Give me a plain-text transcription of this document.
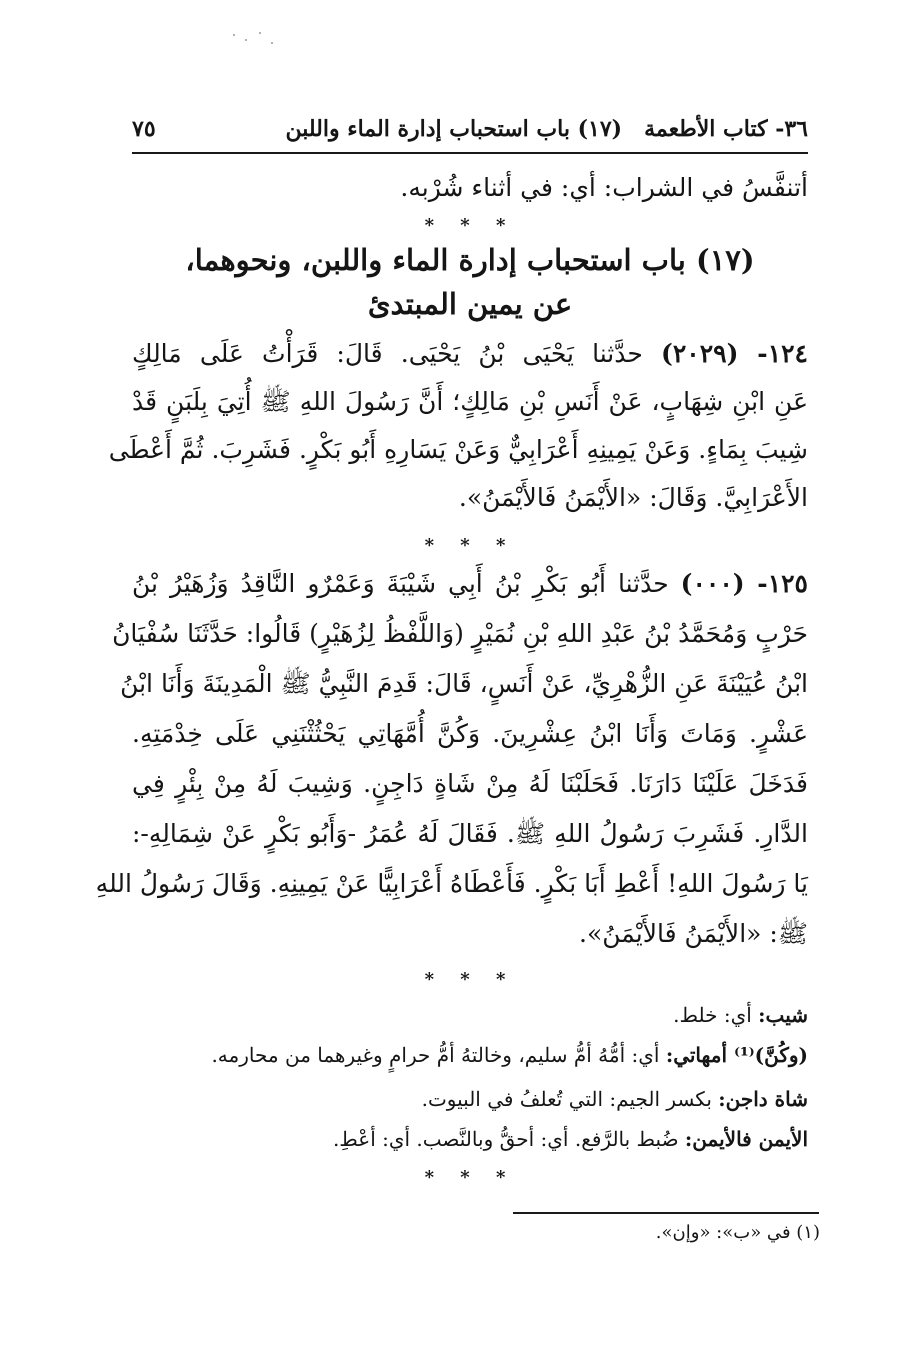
٧٥	٣٦- كتاب الأطعمة(١٧) باب استحباب إدارة الماء واللبن
أتنفَّسُ في الشراب: أي: في أثناء شُرْبه.
* * *
(١٧) باب استحباب إدارة الماء واللبن، ونحوهما،
عن يمين المبتدئ
١٢٤- (٢٠٢٩) حدَّثنا يَحْيَى بْنُ يَحْيَى. قَالَ: قَرَأْتُ عَلَى مَالِكٍ
عَنِ ابْنِ شِهَابٍ، عَنْ أَنَسِ بْنِ مَالِكٍ؛ أَنَّ رَسُولَ اللهِ ﷺ أُتِيَ بِلَبَنٍ قَدْ
شِيبَ بِمَاءٍ. وَعَنْ يَمِينِهِ أَعْرَابِيٌّ وَعَنْ يَسَارِهِ أَبُو بَكْرٍ. فَشَرِبَ. ثُمَّ أَعْطَى
الأَعْرَابِيَّ. وَقَالَ: «الأَيْمَنُ فَالأَيْمَنُ».
* * *
١٢٥- (٠٠٠) حدَّثنا أَبُو بَكْرِ بْنُ أَبِي شَيْبَةَ وَعَمْرٌو النَّاقِدُ وَزُهَيْرُ بْنُ
حَرْبٍ وَمُحَمَّدُ بْنُ عَبْدِ اللهِ بْنِ نُمَيْرٍ (وَاللَّفْظُ لِزُهَيْرٍ) قَالُوا: حَدَّثَنَا سُفْيَانُ
ابْنُ عُيَيْنَةَ عَنِ الزُّهْرِيِّ، عَنْ أَنَسٍ، قَالَ: قَدِمَ النَّبِيُّ ﷺ الْمَدِينَةَ وَأَنَا ابْنُ
عَشْرٍ. وَمَاتَ وَأَنَا ابْنُ عِشْرِينَ. وَكُنَّ أُمَّهَاتِي يَحْثُثْنَنِي عَلَى خِدْمَتِهِ.
فَدَخَلَ عَلَيْنَا دَارَنَا. فَحَلَبْنَا لَهُ مِنْ شَاةٍ دَاجِنٍ. وَشِيبَ لَهُ مِنْ بِئْرٍ فِي
الدَّارِ. فَشَرِبَ رَسُولُ اللهِ ﷺ. فَقَالَ لَهُ عُمَرُ -وَأَبُو بَكْرٍ عَنْ شِمَالِهِ-:
يَا رَسُولَ اللهِ! أَعْطِ أَبَا بَكْرٍ. فَأَعْطَاهُ أَعْرَابِيًّا عَنْ يَمِينِهِ. وَقَالَ رَسُولُ اللهِ
ﷺ: «الأَيْمَنُ فَالأَيْمَنُ».
* * *
شيب: أي: خلط.
(وكُنَّ)⁽¹⁾ أمهاتي: أي: أمُّهُ أمُّ سليم، وخالتهُ أمُّ حرامٍ وغيرهما من محارمه.
شاة داجن: بكسر الجيم: التي تُعلفُ في البيوت.
الأيمن فالأيمن: ضُبط بالرَّفع. أي: أحقُّ وبالنَّصب. أي: أعْطِ.
* * *
(١) في «ب»: «وإن».
